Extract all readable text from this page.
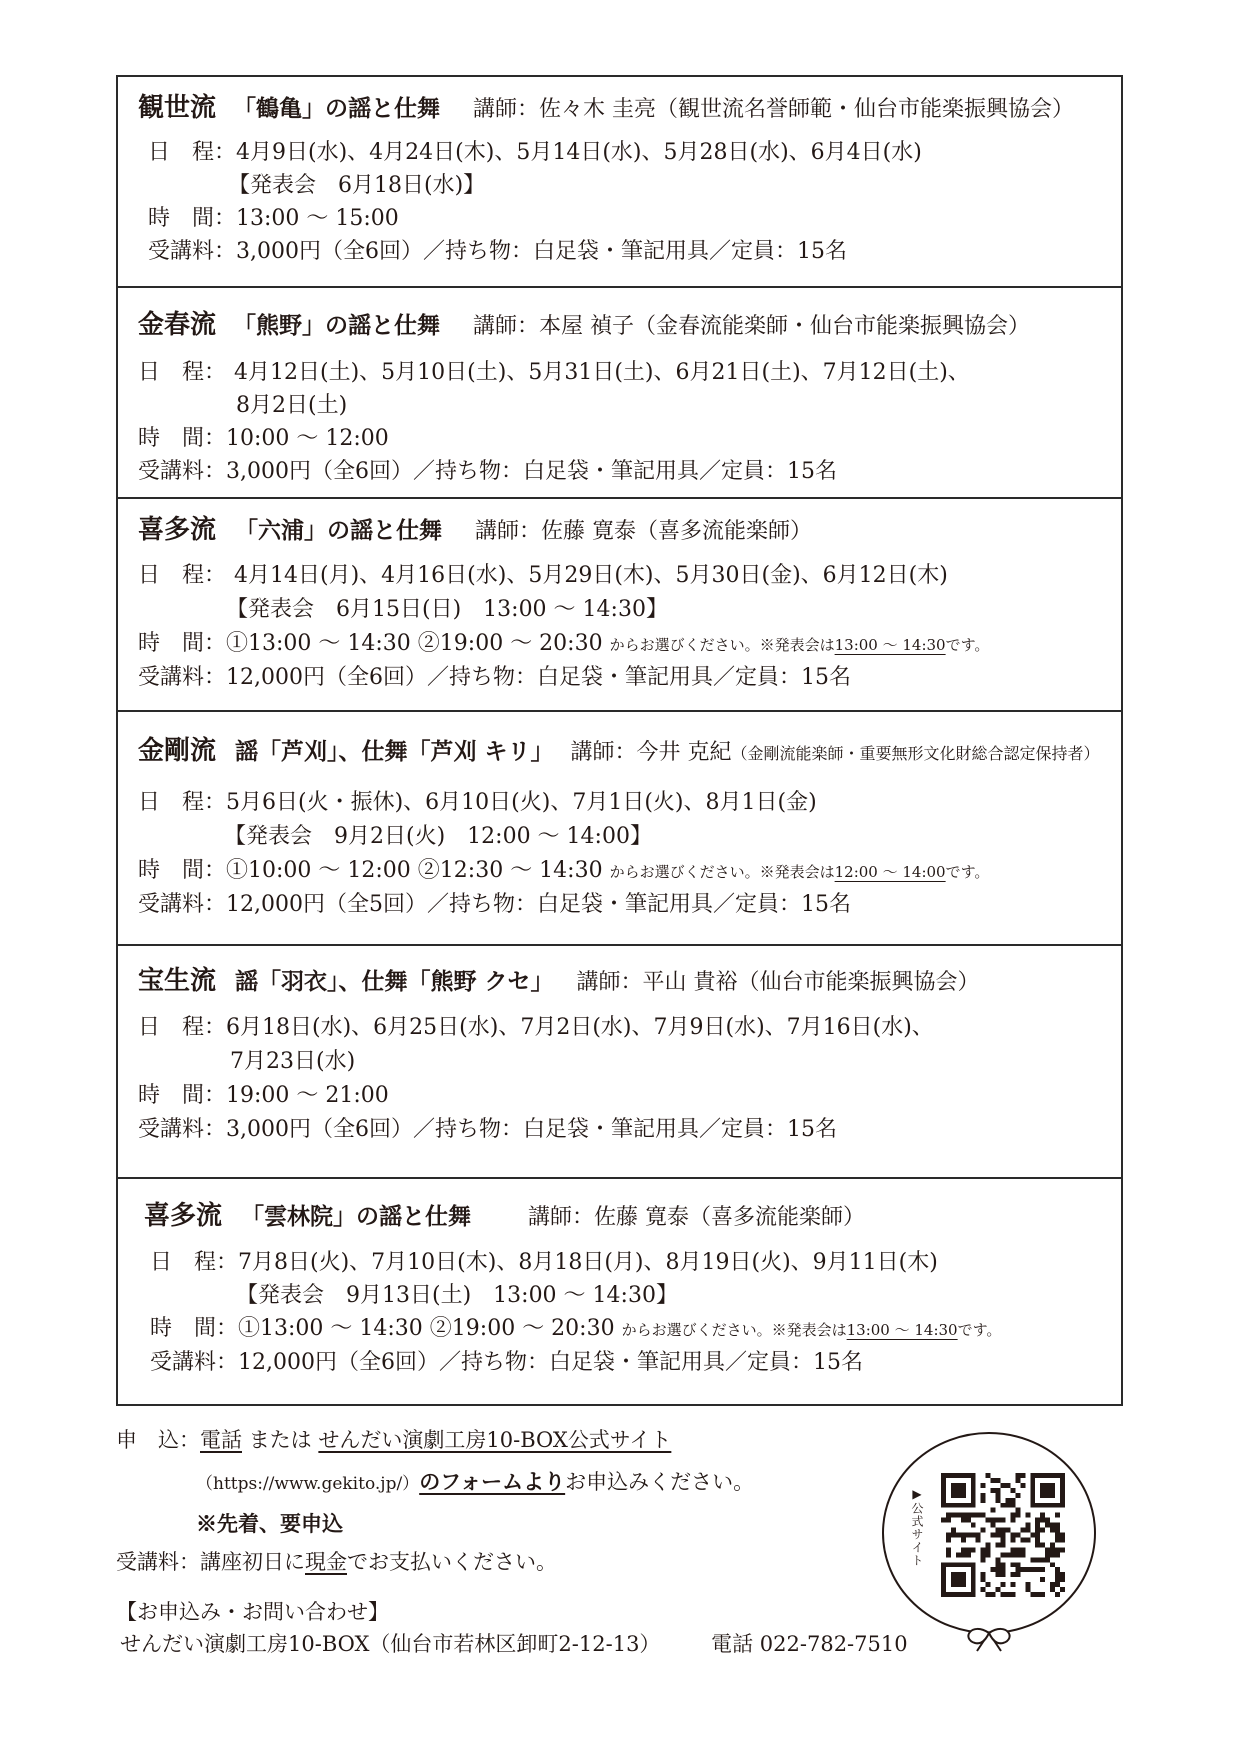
観世流 「鶴亀」の謡と仕舞 講師：佐々木 圭亮（観世流名誉師範・仙台市能楽振興協会）
日　程：4月9日(水)、4月24日(木)、5月14日(水)、5月28日(水)、6月4日(水)
【発表会　6月18日(水)】
時　間：13:00 ～ 15:00
受講料：3,000円（全6回）／持ち物：白足袋・筆記用具／定員：15名
金春流 「熊野」の謡と仕舞 講師：本屋 禎子（金春流能楽師・仙台市能楽振興協会）
日　程： 4月12日(土)、5月10日(土)、5月31日(土)、6月21日(土)、7月12日(土)、
8月2日(土)
時　間：10:00 ～ 12:00
受講料：3,000円（全6回）／持ち物：白足袋・筆記用具／定員：15名
喜多流 「六浦」の謡と仕舞 講師：佐藤 寛泰（喜多流能楽師）
日　程： 4月14日(月)、4月16日(水)、5月29日(木)、5月30日(金)、6月12日(木)
【発表会　6月15日(日)　13:00 ～ 14:30】
時　間：①13:00 ～ 14:30 ②19:00 ～ 20:30 からお選びください。※発表会は13:00 ～ 14:30です。
受講料：12,000円（全6回）／持ち物：白足袋・筆記用具／定員：15名
金剛流 謡「芦刈」、仕舞「芦刈 キリ」 講師：今井 克紀（金剛流能楽師・重要無形文化財総合認定保持者）
日　程：5月6日(火・振休)、6月10日(火)、7月1日(火)、8月1日(金)
【発表会　9月2日(火)　12:00 ～ 14:00】
時　間：①10:00 ～ 12:00 ②12:30 ～ 14:30 からお選びください。※発表会は12:00 ～ 14:00です。
受講料：12,000円（全5回）／持ち物：白足袋・筆記用具／定員：15名
宝生流 謡「羽衣」、仕舞「熊野 クセ」 講師：平山 貴裕（仙台市能楽振興協会）
日　程：6月18日(水)、6月25日(水)、7月2日(水)、7月9日(水)、7月16日(水)、
7月23日(水)
時　間：19:00 ～ 21:00
受講料：3,000円（全6回）／持ち物：白足袋・筆記用具／定員：15名
喜多流 「雲林院」の謡と仕舞	講師：佐藤 寛泰（喜多流能楽師）
日　程：7月8日(火)、7月10日(木)、8月18日(月)、8月19日(火)、9月11日(木)
【発表会　9月13日(土)　13:00 ～ 14:30】
時　間：①13:00 ～ 14:30 ②19:00 ～ 20:30 からお選びください。※発表会は13:00 ～ 14:30です。
受講料：12,000円（全6回）／持ち物：白足袋・筆記用具／定員：15名
申　込：電話 または せんだい演劇工房10-BOX公式サイト
（https://www.gekito.jp/）のフォームよりお申込みください。
※先着、要申込
受講料：講座初日に現金でお支払いください。
【お申込み・お問い合わせ】
せんだい演劇工房10-BOX（仙台市若林区卸町2-12-13） 電話 022-782-7510
▶公式サイト
